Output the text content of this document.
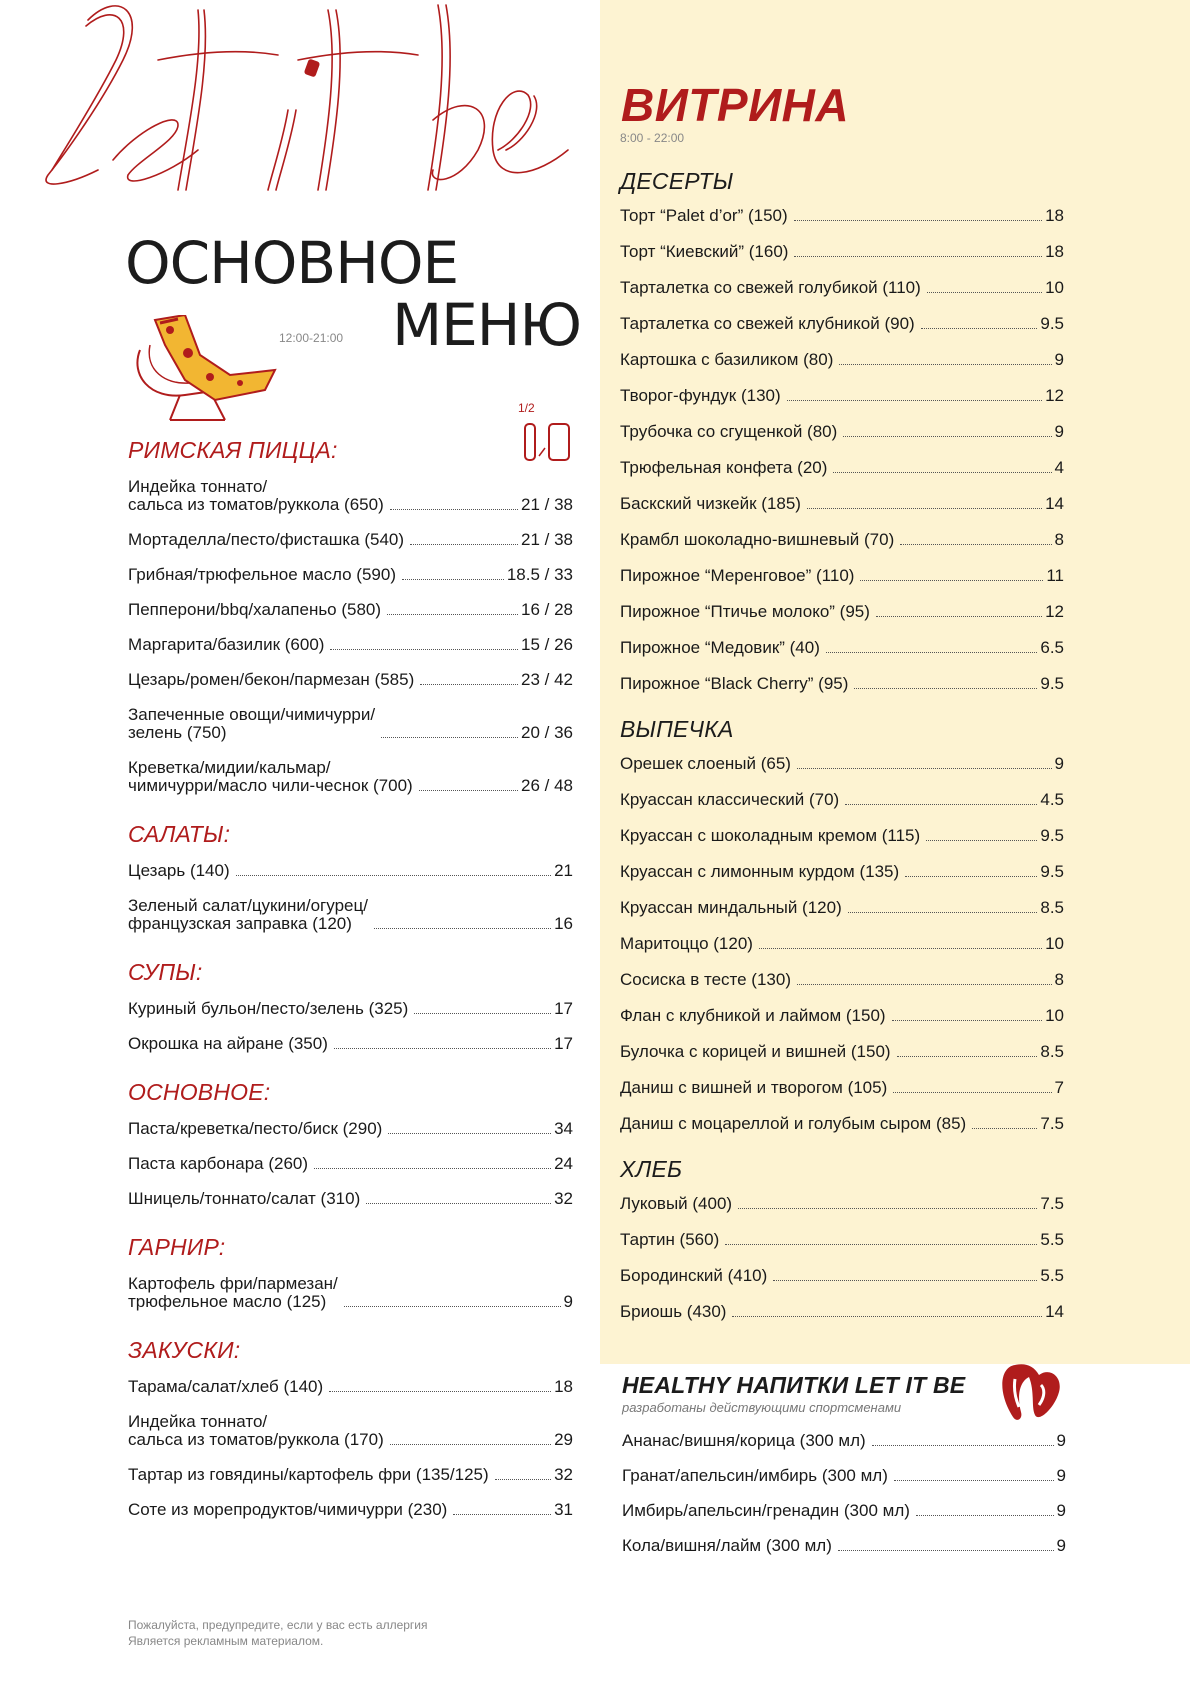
ОСНОВНОЕ
МЕНЮ
12:00-21:00
1/2
РИМСКАЯ ПИЦЦА:
Индейка тоннато/
сальса из томатов/руккола (650)	21 / 38
Мортаделла/песто/фисташка (540)	21 / 38
Грибная/трюфельное масло (590)	18.5 / 33
Пепперони/bbq/халапеньо (580)	16 / 28
Маргарита/базилик (600)	15 / 26
Цезарь/ромен/бекон/пармезан (585)	23 / 42
Запеченные овощи/чимичурри/
зелень (750)	20 / 36
Креветка/мидии/кальмар/
чимичурри/масло чили-чеснок (700)	26 / 48
САЛАТЫ:
Цезарь (140)	21
Зеленый салат/цукини/огурец/
французская заправка (120)	16
СУПЫ:
Куриный бульон/песто/зелень (325)	17
Окрошка на айране (350)	17
ОСНОВНОЕ:
Паста/креветка/песто/биск (290)	34
Паста карбонара (260)	24
Шницель/тоннато/салат (310)	32
ГАРНИР:
Картофель фри/пармезан/
трюфельное масло (125)	9
ЗАКУСКИ:
Тарама/салат/хлеб (140)	18
Индейка тоннато/
сальса из томатов/руккола (170)	29
Тартар из говядины/картофель фри (135/125)	32
Соте из морепродуктов/чимичурри (230)	31
ВИТРИНА
8:00 - 22:00
ДЕСЕРТЫ
Торт “Palet d’or” (150)	18
Торт “Киевский” (160)	18
Тарталетка со свежей голубикой (110)	10
Тарталетка со свежей клубникой (90)	9.5
Картошка с базиликом (80)	9
Творог-фундук (130)	12
Трубочка со сгущенкой (80)	9
Трюфельная конфета (20)	4
Баскский чизкейк (185)	14
Крамбл шоколадно-вишневый (70)	8
Пирожное “Меренговое” (110)	11
Пирожное “Птичье молоко” (95)	12
Пирожное “Медовик” (40)	6.5
Пирожное “Black Cherry” (95)	9.5
ВЫПЕЧКА
Орешек слоеный (65)	9
Круассан классический (70)	4.5
Круассан с шоколадным кремом (115)	9.5
Круассан с лимонным курдом (135)	9.5
Круассан миндальный (120)	8.5
Маритоццо (120)	10
Сосиска в тесте (130)	8
Флан с клубникой и лаймом (150)	10
Булочка с корицей и вишней (150)	8.5
Даниш с вишней и творогом (105)	7
Даниш с моцареллой и голубым сыром (85)	7.5
ХЛЕБ
Луковый (400)	7.5
Тартин (560)	5.5
Бородинский (410)	5.5
Бриошь (430)	14
HEALTHY НАПИТКИ LET IT BE
разработаны действующими спортсменами
Ананас/вишня/корица (300 мл)	9
Гранат/апельсин/имбирь (300 мл)	9
Имбирь/апельсин/гренадин (300 мл)	9
Кола/вишня/лайм (300 мл)	9
Пожалуйста, предупредите, если у вас есть аллергия
Является рекламным материалом.
